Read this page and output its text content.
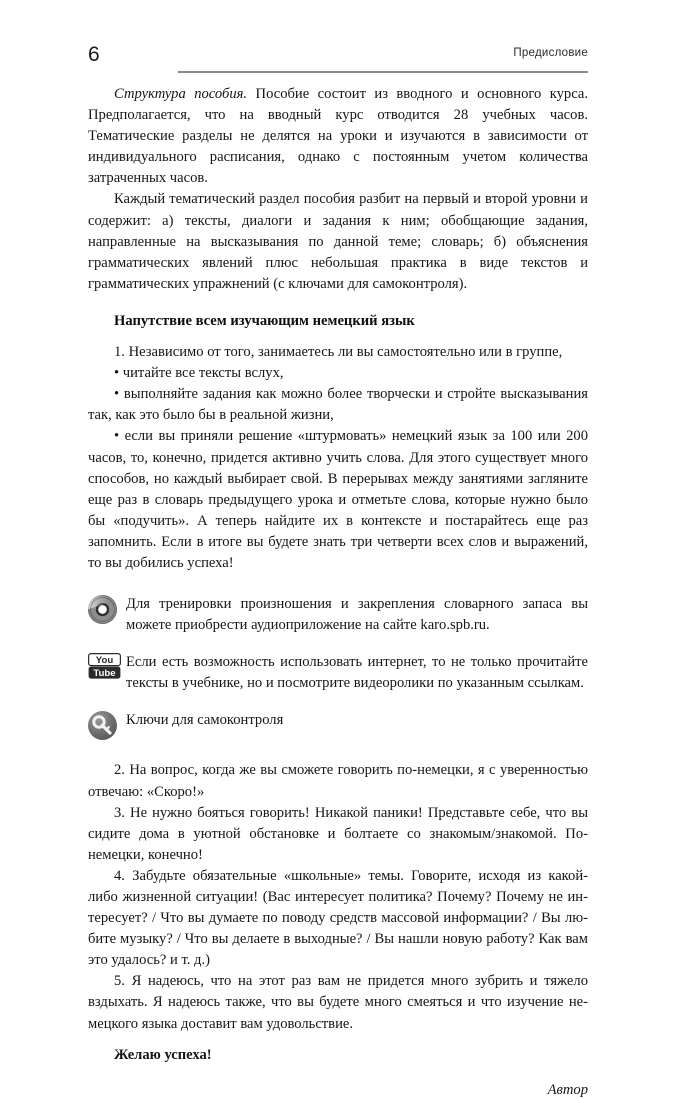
6	Предисловие

Структура пособия. Пособие состоит из вводного и основного курса. Предполагается, что на вводный курс отводится 28 учебных часов. Тематические разделы не делятся на уроки и изучаются в зависимости от индивидуального расписания, однако с постоянным учетом количества затраченных часов.

Каждый тематический раздел пособия разбит на первый и второй уровни и содержит: а) тексты, диалоги и задания к ним; обобщающие задания, направленные на высказывания по данной теме; словарь; б) объяснения грамматических явлений плюс небольшая практика в виде текстов и грамматических упражнений (с ключами для самоконтроля).

Напутствие всем изучающим немецкий язык

1. Независимо от того, занимаетесь ли вы самостоятельно или в группе,

• читайте все тексты вслух,

• выполняйте задания как можно более творчески и стройте высказывания так, как это было бы в реальной жизни,

• если вы приняли решение «штурмовать» немецкий язык за 100 или 200 часов, то, конечно, придется активно учить слова. Для этого существует много способов, но каждый выбирает свой. В перерывах между занятиями загляните еще раз в словарь предыдущего урока и отметьте слова, которые нужно было бы «подучить». А теперь найдите их в контексте и постарайтесь еще раз запомнить. Если в итоге вы будете знать три четверти всех слов и выражений, то вы добились успеха!

Для тренировки произношения и закрепления словарного запаса вы можете приобрести аудиоприложение на сайте karo.spb.ru.

You
Tube

Если есть возможность использовать интернет, то не только прочитайте тексты в учебнике, но и посмотрите видеоролики по указанным ссылкам.

Ключи для самоконтроля

2. На вопрос, когда же вы сможете говорить по-немецки, я с уверенностью отвечаю: «Скоро!»

3. Не нужно бояться говорить! Никакой паники! Представьте себе, что вы сидите дома в уютной обстановке и болтаете со знакомым/знакомой. По-немецки, конечно!

4. Забудьте обязательные «школьные» темы. Говорите, исходя из какой-либо жизненной ситуации! (Вас интересует политика? Почему? Почему не интересует? / Что вы думаете по поводу средств массовой информации? / Вы любите музыку? / Что вы делаете в выходные? / Вы нашли новую работу? Как вам это удалось? и т. д.)

5. Я надеюсь, что на этот раз вам не придется много зубрить и тяжело вздыхать. Я надеюсь также, что вы будете много смеяться и что изучение немецкого языка доставит вам удовольствие.

Желаю успеха!

Автор
